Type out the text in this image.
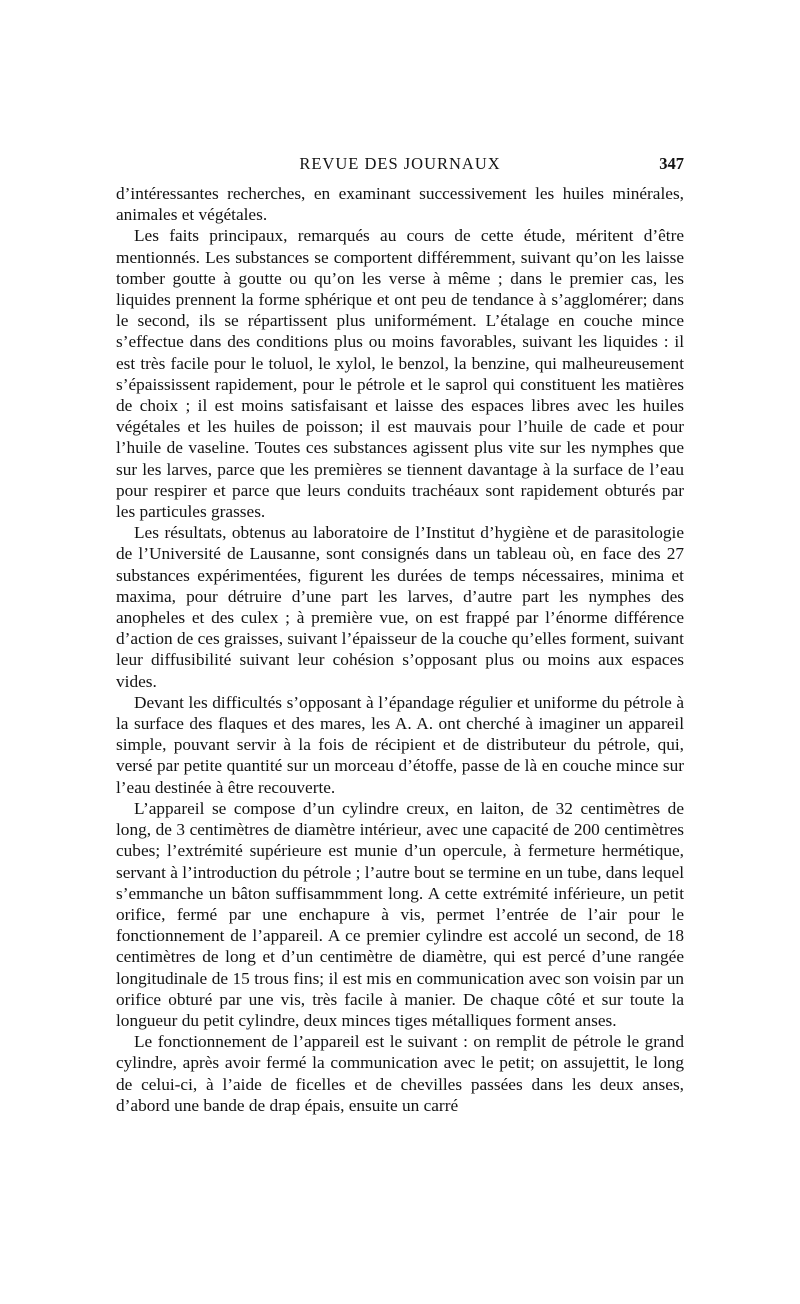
REVUE DES JOURNAUX	347

d’intéressantes recherches, en examinant successivement les huiles minérales, animales et végétales.

Les faits principaux, remarqués au cours de cette étude, méritent d’être mentionnés. Les substances se comportent différemment, suivant qu’on les laisse tomber goutte à goutte ou qu’on les verse à même ; dans le premier cas, les liquides prennent la forme sphérique et ont peu de tendance à s’agglomérer; dans le second, ils se répartissent plus uniformément. L’étalage en couche mince s’effectue dans des conditions plus ou moins favorables, suivant les liquides : il est très facile pour le toluol, le xylol, le benzol, la benzine, qui malheureusement s’épaississent rapidement, pour le pétrole et le saprol qui constituent les matières de choix ; il est moins satisfaisant et laisse des espaces libres avec les huiles végétales et les huiles de poisson; il est mauvais pour l’huile de cade et pour l’huile de vaseline. Toutes ces substances agissent plus vite sur les nymphes que sur les larves, parce que les premières se tiennent davantage à la surface de l’eau pour respirer et parce que leurs conduits trachéaux sont rapidement obturés par les particules grasses.

Les résultats, obtenus au laboratoire de l’Institut d’hygiène et de parasitologie de l’Université de Lausanne, sont consignés dans un tableau où, en face des 27 substances expérimentées, figurent les durées de temps nécessaires, minima et maxima, pour détruire d’une part les larves, d’autre part les nymphes des anopheles et des culex ; à première vue, on est frappé par l’énorme différence d’action de ces graisses, suivant l’épaisseur de la couche qu’elles forment, suivant leur diffusibilité suivant leur cohésion s’opposant plus ou moins aux espaces vides.

Devant les difficultés s’opposant à l’épandage régulier et uniforme du pétrole à la surface des flaques et des mares, les A. A. ont cherché à imaginer un appareil simple, pouvant servir à la fois de récipient et de distributeur du pétrole, qui, versé par petite quantité sur un morceau d’étoffe, passe de là en couche mince sur l’eau destinée à être recouverte.

L’appareil se compose d’un cylindre creux, en laiton, de 32 centimètres de long, de 3 centimètres de diamètre intérieur, avec une capacité de 200 centimètres cubes; l’extrémité supérieure est munie d’un opercule, à fermeture hermétique, servant à l’introduction du pétrole ; l’autre bout se termine en un tube, dans lequel s’emmanche un bâton suffisammment long. A cette extrémité inférieure, un petit orifice, fermé par une enchapure à vis, permet l’entrée de l’air pour le fonctionnement de l’appareil. A ce premier cylindre est accolé un second, de 18 centimètres de long et d’un centimètre de diamètre, qui est percé d’une rangée longitudinale de 15 trous fins; il est mis en communication avec son voisin par un orifice obturé par une vis, très facile à manier. De chaque côté et sur toute la longueur du petit cylindre, deux minces tiges métalliques forment anses.

Le fonctionnement de l’appareil est le suivant : on remplit de pétrole le grand cylindre, après avoir fermé la communication avec le petit; on assujettit, le long de celui-ci, à l’aide de ficelles et de chevilles passées dans les deux anses, d’abord une bande de drap épais, ensuite un carré
